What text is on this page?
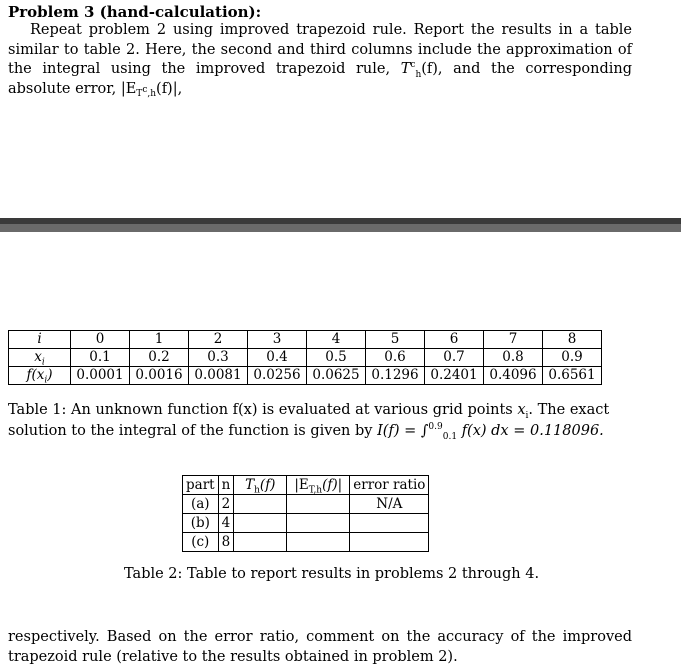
Problem 3 (hand-calculation):
Repeat problem 2 using improved trapezoid rule. Report the results in a table similar to table 2. Here, the second and third columns include the approximation of the integral using the improved trapezoid rule, $T^c_h(f)$, and the corresponding absolute error, $|E_{T^c,h}(f)|$,
i	0	1	2	3	4	5	6	7	8
$x_i$	0.1	0.2	0.3	0.4	0.5	0.6	0.7	0.8	0.9
$f(x_i)$	0.0001	0.0016	0.0081	0.0256	0.0625	0.1296	0.2401	0.4096	0.6561
Table 1: An unknown function f(x) is evaluated at various grid points $x_i$. The exact solution to the integral of the function is given by I(f) = ∫$^{0.9}_{0.1}$ f(x) dx = 0.118096.
part	n	$T_h(f)$	$|E_{T,h}(f)|$	error ratio
(a)	2			N/A
(b)	4			
(c)	8			
Table 2: Table to report results in problems 2 through 4.
respectively. Based on the error ratio, comment on the accuracy of the improved trapezoid rule (relative to the results obtained in problem 2).
